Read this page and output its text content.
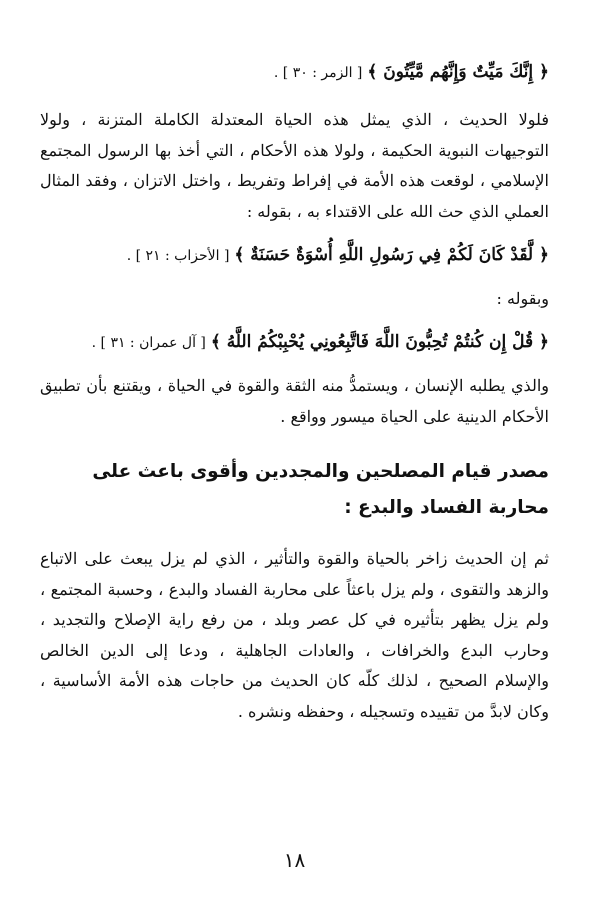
﴿ إِنَّكَ مَيِّتٌ وَإِنَّهُم مَّيِّتُونَ ﴾ [ الزمر : ٣٠ ] .

فلولا الحديث ، الذي يمثل هذه الحياة المعتدلة الكاملة المتزنة ، ولولا التوجيهات النبوية الحكيمة ، ولولا هذه الأحكام ، التي أخذ بها الرسول المجتمع الإسلامي ، لوقعت هذه الأمة في إفراط وتفريط ، واختل الاتزان ، وفقد المثال العملي الذي حث الله على الاقتداء به ، بقوله :

﴿ لَّقَدْ كَانَ لَكُمْ فِي رَسُولِ اللَّهِ أُسْوَةٌ حَسَنَةٌ ﴾ [ الأحزاب : ٢١ ] .
وبقوله :
﴿ قُلْ إِن كُنتُمْ تُحِبُّونَ اللَّهَ فَاتَّبِعُونِي يُحْبِبْكُمُ اللَّهُ ﴾ [ آل عمران : ٣١ ] .

والذي يطلبه الإنسان ، ويستمدُّ منه الثقة والقوة في الحياة ، ويقتنع بأن تطبيق الأحكام الدينية على الحياة ميسور وواقع .

مصدر قيام المصلحين والمجددين وأقوى باعث على محاربة الفساد والبدع :

ثم إن الحديث زاخر بالحياة والقوة والتأثير ، الذي لم يزل يبعث على الاتباع والزهد والتقوى ، ولم يزل باعثاً على محاربة الفساد والبدع ، وحسبة المجتمع ، ولم يزل يظهر بتأثيره في كل عصر وبلد ، من رفع راية الإصلاح والتجديد ، وحارب البدع والخرافات ، والعادات الجاهلية ، ودعا إلى الدين الخالص والإسلام الصحيح ، لذلك كلّه كان الحديث من حاجات هذه الأمة الأساسية ، وكان لابدَّ من تقييده وتسجيله ، وحفظه ونشره .

١٨
